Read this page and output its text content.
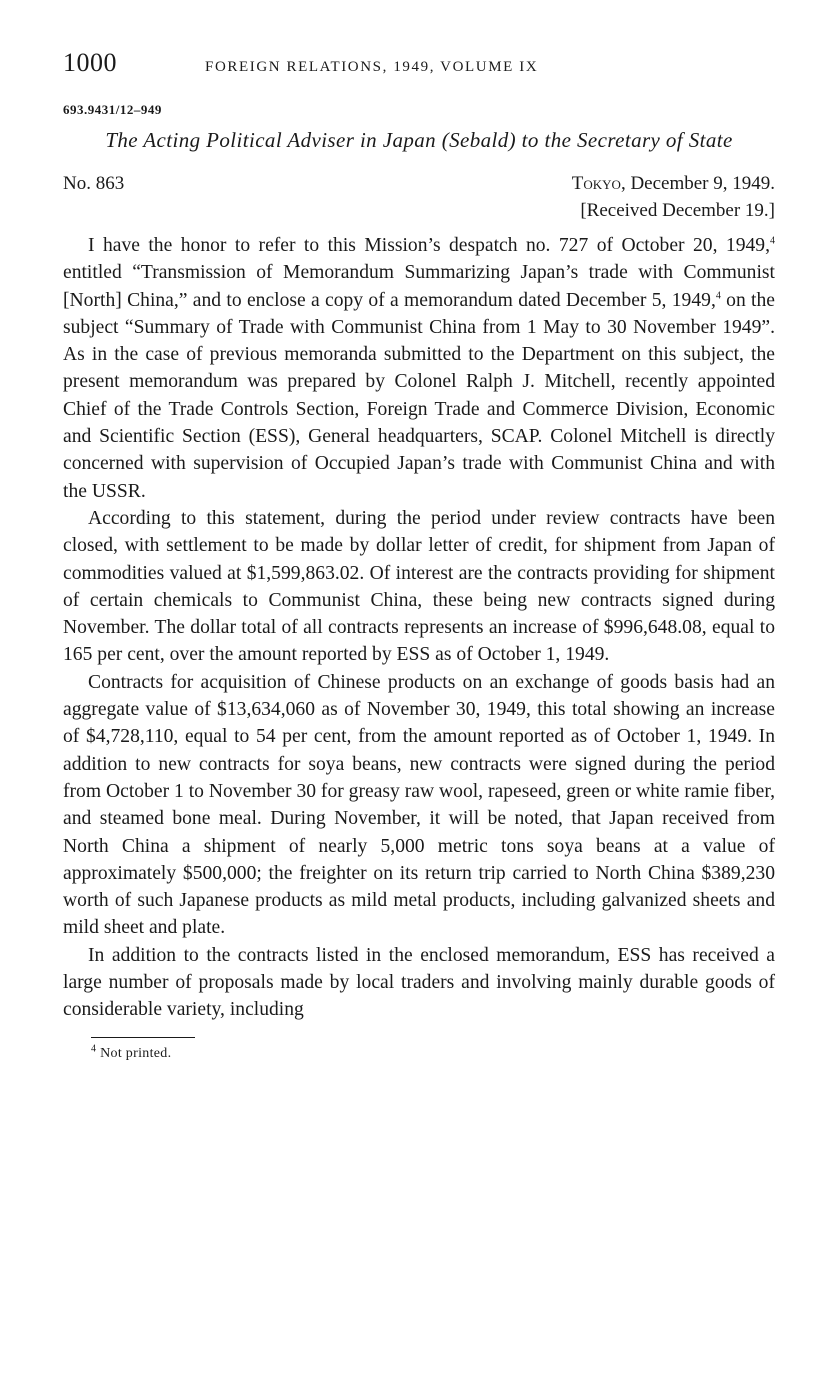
1000	FOREIGN RELATIONS, 1949, VOLUME IX
693.9431/12–949
The Acting Political Adviser in Japan (Sebald) to the Secretary of State
No. 863	Tokyo, December 9, 1949.
[Received December 19.]

I have the honor to refer to this Mission’s despatch no. 727 of October 20, 1949,$^4$ entitled “Transmission of Memorandum Summarizing Japan’s trade with Communist [North] China,” and to enclose a copy of a memorandum dated December 5, 1949,$^4$ on the subject “Summary of Trade with Communist China from 1 May to 30 November 1949”. As in the case of previous memoranda submitted to the Department on this subject, the present memorandum was prepared by Colonel Ralph J. Mitchell, recently appointed Chief of the Trade Controls Section, Foreign Trade and Commerce Division, Economic and Scientific Section (ESS), General headquarters, SCAP. Colonel Mitchell is directly concerned with supervision of Occupied Japan’s trade with Communist China and with the USSR.

According to this statement, during the period under review contracts have been closed, with settlement to be made by dollar letter of credit, for shipment from Japan of commodities valued at $1,599,863.02. Of interest are the contracts providing for shipment of certain chemicals to Communist China, these being new contracts signed during November. The dollar total of all contracts represents an increase of $996,648.08, equal to 165 per cent, over the amount reported by ESS as of October 1, 1949.

Contracts for acquisition of Chinese products on an exchange of goods basis had an aggregate value of $13,634,060 as of November 30, 1949, this total showing an increase of $4,728,110, equal to 54 per cent, from the amount reported as of October 1, 1949. In addition to new contracts for soya beans, new contracts were signed during the period from October 1 to November 30 for greasy raw wool, rapeseed, green or white ramie fiber, and steamed bone meal. During November, it will be noted, that Japan received from North China a shipment of nearly 5,000 metric tons soya beans at a value of approximately $500,000; the freighter on its return trip carried to North China $389,230 worth of such Japanese products as mild metal products, including galvanized sheets and mild sheet and plate.

In addition to the contracts listed in the enclosed memorandum, ESS has received a large number of proposals made by local traders and involving mainly durable goods of considerable variety, including

$^4$ Not printed.
